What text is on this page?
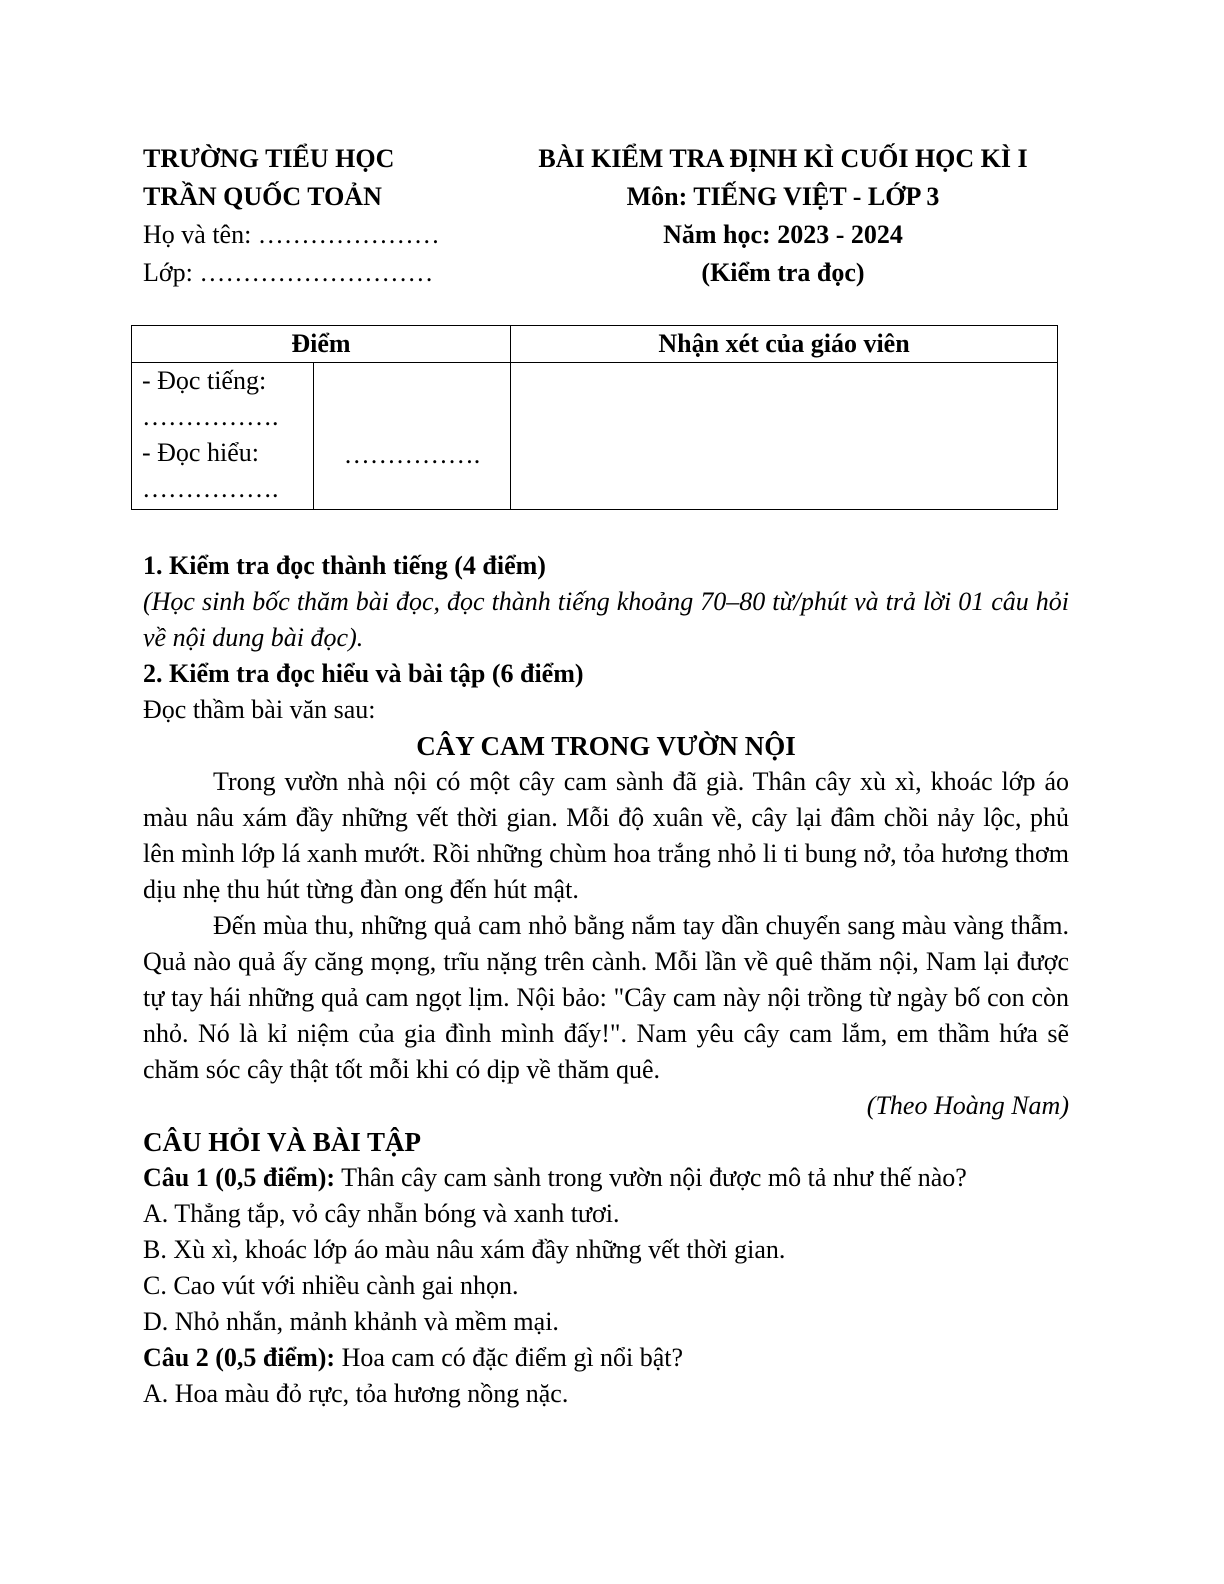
TRƯỜNG TIỂU HỌC
TRẦN QUỐC TOẢN
Họ và tên: …………………
Lớp: ………………………
BÀI KIỂM TRA ĐỊNH KÌ CUỐI HỌC KÌ I
Môn: TIẾNG VIỆT - LỚP 3
Năm học: 2023 - 2024
(Kiểm tra đọc)
Điểm		Nhận xét của giáo viên

- Đọc tiếng:
…………….
- Đọc hiểu:
…………….	…………….	

1. Kiểm tra đọc thành tiếng (4 điểm)

(Học sinh bốc thăm bài đọc, đọc thành tiếng khoảng 70–80 từ/phút và trả lời 01 câu hỏi về nội dung bài đọc).

2. Kiểm tra đọc hiểu và bài tập (6 điểm)

Đọc thầm bài văn sau:

CÂY CAM TRONG VƯỜN NỘI

Trong vườn nhà nội có một cây cam sành đã già. Thân cây xù xì, khoác lớp áo màu nâu xám đầy những vết thời gian. Mỗi độ xuân về, cây lại đâm chồi nảy lộc, phủ lên mình lớp lá xanh mướt. Rồi những chùm hoa trắng nhỏ li ti bung nở, tỏa hương thơm dịu nhẹ thu hút từng đàn ong đến hút mật.

Đến mùa thu, những quả cam nhỏ bằng nắm tay dần chuyển sang màu vàng thẫm. Quả nào quả ấy căng mọng, trĩu nặng trên cành. Mỗi lần về quê thăm nội, Nam lại được tự tay hái những quả cam ngọt lịm. Nội bảo: "Cây cam này nội trồng từ ngày bố con còn nhỏ. Nó là kỉ niệm của gia đình mình đấy!". Nam yêu cây cam lắm, em thầm hứa sẽ chăm sóc cây thật tốt mỗi khi có dịp về thăm quê.

(Theo Hoàng Nam)

CÂU HỎI VÀ BÀI TẬP

Câu 1 (0,5 điểm): Thân cây cam sành trong vườn nội được mô tả như thế nào?

A. Thẳng tắp, vỏ cây nhẵn bóng và xanh tươi.

B. Xù xì, khoác lớp áo màu nâu xám đầy những vết thời gian.

C. Cao vút với nhiều cành gai nhọn.

D. Nhỏ nhắn, mảnh khảnh và mềm mại.

Câu 2 (0,5 điểm): Hoa cam có đặc điểm gì nổi bật?

A. Hoa màu đỏ rực, tỏa hương nồng nặc.
